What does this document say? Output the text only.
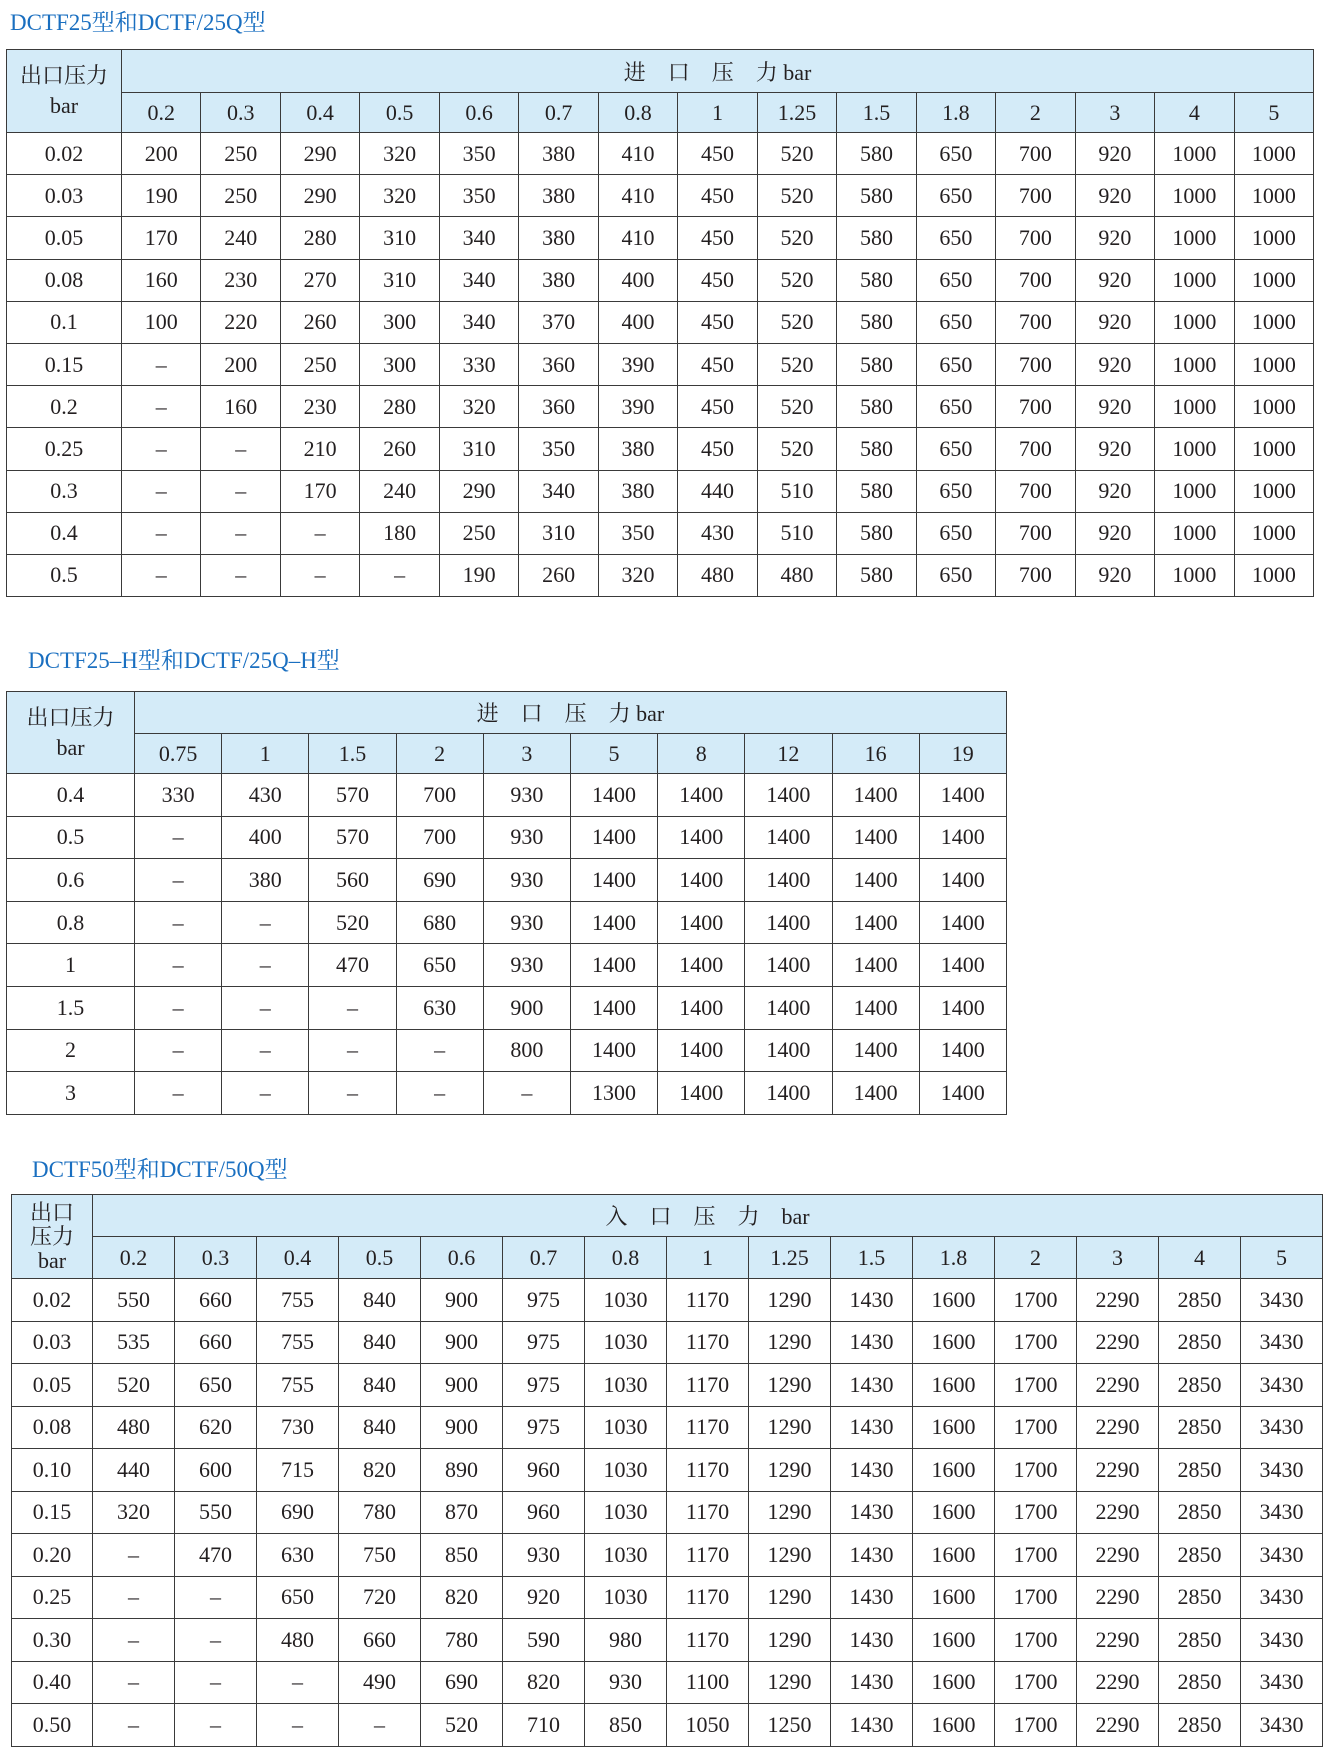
DCTF25型和DCTF/25Q型
出口压力
bar	进　口　压　力 bar														
	0.2	0.3	0.4	0.5	0.6	0.7	0.8	1	1.25	1.5	1.8	2	3	4	5
0.02	200	250	290	320	350	380	410	450	520	580	650	700	920	1000	1000
0.03	190	250	290	320	350	380	410	450	520	580	650	700	920	1000	1000
0.05	170	240	280	310	340	380	410	450	520	580	650	700	920	1000	1000
0.08	160	230	270	310	340	380	400	450	520	580	650	700	920	1000	1000
0.1	100	220	260	300	340	370	400	450	520	580	650	700	920	1000	1000
0.15	–	200	250	300	330	360	390	450	520	580	650	700	920	1000	1000
0.2	–	160	230	280	320	360	390	450	520	580	650	700	920	1000	1000
0.25	–	–	210	260	310	350	380	450	520	580	650	700	920	1000	1000
0.3	–	–	170	240	290	340	380	440	510	580	650	700	920	1000	1000
0.4	–	–	–	180	250	310	350	430	510	580	650	700	920	1000	1000
0.5	–	–	–	–	190	260	320	480	480	580	650	700	920	1000	1000
DCTF25–H型和DCTF/25Q–H型
出口压力
bar	进　口　压　力 bar									
	0.75	1	1.5	2	3	5	8	12	16	19
0.4	330	430	570	700	930	1400	1400	1400	1400	1400
0.5	–	400	570	700	930	1400	1400	1400	1400	1400
0.6	–	380	560	690	930	1400	1400	1400	1400	1400
0.8	–	–	520	680	930	1400	1400	1400	1400	1400
1	–	–	470	650	930	1400	1400	1400	1400	1400
1.5	–	–	–	630	900	1400	1400	1400	1400	1400
2	–	–	–	–	800	1400	1400	1400	1400	1400
3	–	–	–	–	–	1300	1400	1400	1400	1400
DCTF50型和DCTF/50Q型
出口
压力
bar	入　口　压　力　bar														
	0.2	0.3	0.4	0.5	0.6	0.7	0.8	1	1.25	1.5	1.8	2	3	4	5
0.02	550	660	755	840	900	975	1030	1170	1290	1430	1600	1700	2290	2850	3430
0.03	535	660	755	840	900	975	1030	1170	1290	1430	1600	1700	2290	2850	3430
0.05	520	650	755	840	900	975	1030	1170	1290	1430	1600	1700	2290	2850	3430
0.08	480	620	730	840	900	975	1030	1170	1290	1430	1600	1700	2290	2850	3430
0.10	440	600	715	820	890	960	1030	1170	1290	1430	1600	1700	2290	2850	3430
0.15	320	550	690	780	870	960	1030	1170	1290	1430	1600	1700	2290	2850	3430
0.20	–	470	630	750	850	930	1030	1170	1290	1430	1600	1700	2290	2850	3430
0.25	–	–	650	720	820	920	1030	1170	1290	1430	1600	1700	2290	2850	3430
0.30	–	–	480	660	780	590	980	1170	1290	1430	1600	1700	2290	2850	3430
0.40	–	–	–	490	690	820	930	1100	1290	1430	1600	1700	2290	2850	3430
0.50	–	–	–	–	520	710	850	1050	1250	1430	1600	1700	2290	2850	3430
